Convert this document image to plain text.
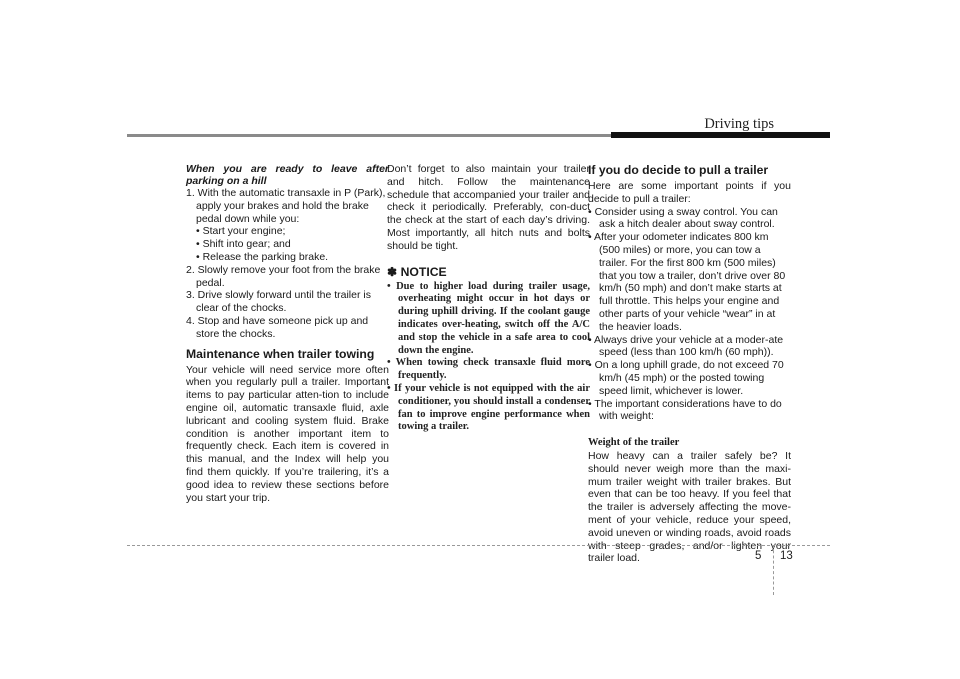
Driving tips

When you are ready to leave after parking on a hill

1. With the automatic transaxle in P (Park), apply your brakes and hold the brake pedal down while you:
• Start your engine;
• Shift into gear; and
• Release the parking brake.
2. Slowly remove your foot from the brake pedal.
3. Drive slowly forward until the trailer is clear of the chocks.
4. Stop and have someone pick up and store the chocks.
Maintenance when trailer towing

Your vehicle will need service more often when you regularly pull a trailer. Important items to pay particular atten-tion to include engine oil, automatic transaxle fluid, axle lubricant and cooling system fluid. Brake condition is another important item to frequently check. Each item is covered in this manual, and the Index will help you find them quickly. If you’re trailering, it’s a good idea to review these sections before you start your trip.

Don’t forget to also maintain your trailer and hitch. Follow the maintenance schedule that accompanied your trailer and check it periodically. Preferably, con-duct the check at the start of each day’s driving. Most importantly, all hitch nuts and bolts should be tight.

✽ NOTICE
• Due to higher load during trailer usage, overheating might occur in hot days or during uphill driving. If the coolant gauge indicates over-heating, switch off the A/C and stop the vehicle in a safe area to cool down the engine.
• When towing check transaxle fluid more frequently.
• If your vehicle is not equipped with the air conditioner, you should install a condenser fan to improve engine performance when towing a trailer.
If you do decide to pull a trailer

Here are some important points if you decide to pull a trailer:

• Consider using a sway control. You can ask a hitch dealer about sway control.
• After your odometer indicates 800 km (500 miles) or more, you can tow a trailer. For the first 800 km (500 miles) that you tow a trailer, don’t drive over 80 km/h (50 mph) and don’t make starts at full throttle. This helps your engine and other parts of your vehicle “wear” in at the heavier loads.
• Always drive your vehicle at a moder-ate speed (less than 100 km/h (60 mph)).
• On a long uphill grade, do not exceed 70 km/h (45 mph) or the posted towing speed limit, whichever is lower.
• The important considerations have to do with weight:

Weight of the trailer

How heavy can a trailer safely be? It should never weigh more than the maxi-mum trailer weight with trailer brakes. But even that can be too heavy. If you feel that the trailer is adversely affecting the move-ment of your vehicle, reduce your speed, avoid uneven or winding roads, avoid roads with steep grades, and/or lighten your trailer load.	5 13
